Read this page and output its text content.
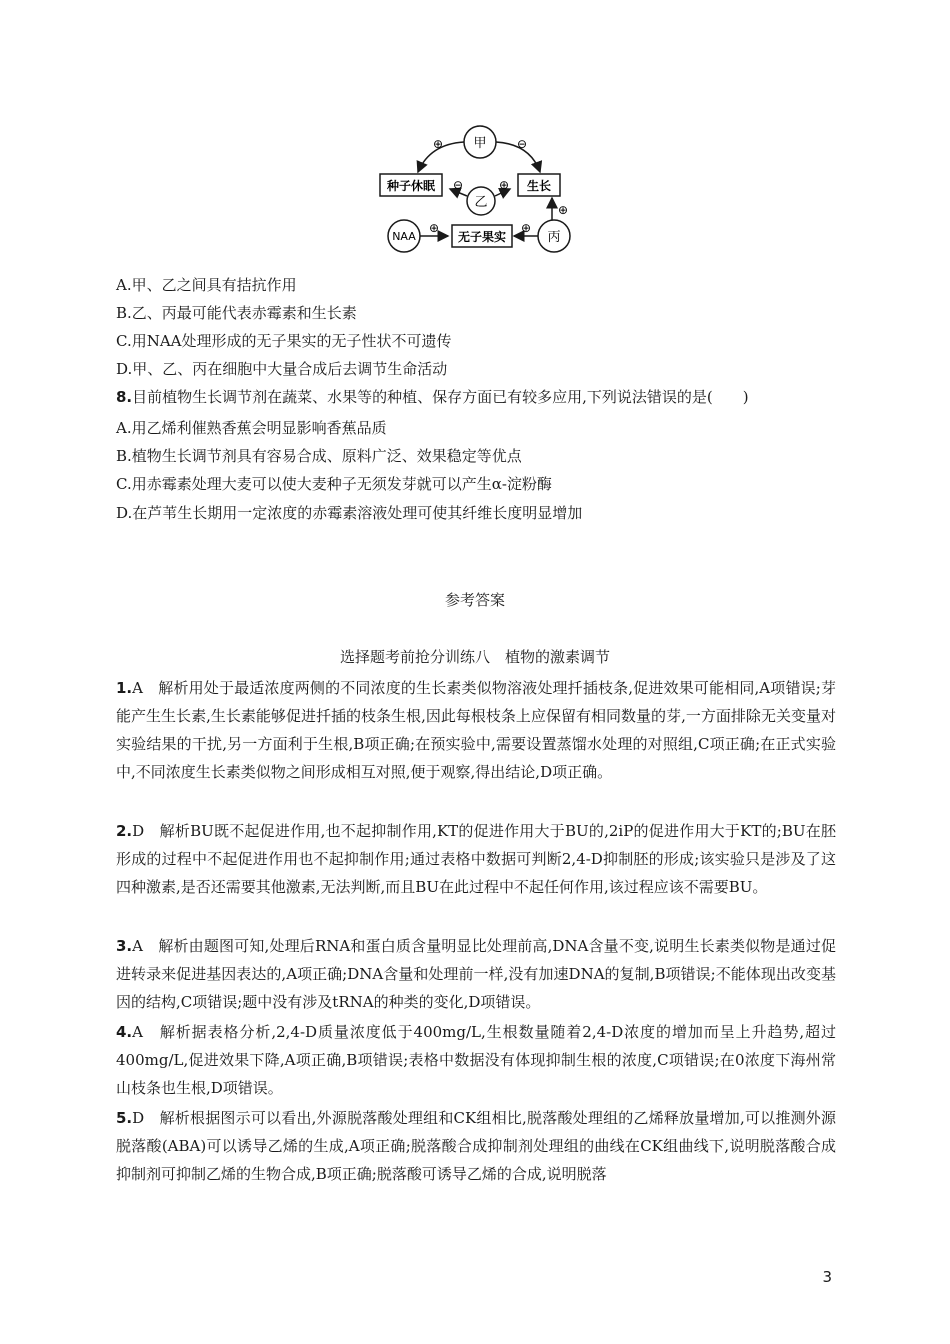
甲
种子休眠
乙
生长
NAA	无子果实	丙
⊕	⊖
⊖	⊕
⊕	⊕
⊕
A.甲、乙之间具有拮抗作用
B.乙、丙最可能代表赤霉素和生长素
C.用NAA处理形成的无子果实的无子性状不可遗传
D.甲、乙、丙在细胞中大量合成后去调节生命活动
8.目前植物生长调节剂在蔬菜、水果等的种植、保存方面已有较多应用,下列说法错误的是(　　)
A.用乙烯利催熟香蕉会明显影响香蕉品质
B.植物生长调节剂具有容易合成、原料广泛、效果稳定等优点
C.用赤霉素处理大麦可以使大麦种子无须发芽就可以产生α-淀粉酶
D.在芦苇生长期用一定浓度的赤霉素溶液处理可使其纤维长度明显增加
参考答案
选择题考前抢分训练八　植物的激素调节
1.A　解析用处于最适浓度两侧的不同浓度的生长素类似物溶液处理扦插枝条,促进效果可能相同,A项错误;芽能产生生长素,生长素能够促进扦插的枝条生根,因此每根枝条上应保留有相同数量的芽,一方面排除无关变量对实验结果的干扰,另一方面利于生根,B项正确;在预实验中,需要设置蒸馏水处理的对照组,C项正确;在正式实验中,不同浓度生长素类似物之间形成相互对照,便于观察,得出结论,D项正确。
2.D　解析BU既不起促进作用,也不起抑制作用,KT的促进作用大于BU的,2iP的促进作用大于KT的;BU在胚形成的过程中不起促进作用也不起抑制作用;通过表格中数据可判断2,4-D抑制胚的形成;该实验只是涉及了这四种激素,是否还需要其他激素,无法判断,而且BU在此过程中不起任何作用,该过程应该不需要BU。
3.A　解析由题图可知,处理后RNA和蛋白质含量明显比处理前高,DNA含量不变,说明生长素类似物是通过促进转录来促进基因表达的,A项正确;DNA含量和处理前一样,没有加速DNA的复制,B项错误;不能体现出改变基因的结构,C项错误;题中没有涉及tRNA的种类的变化,D项错误。
4.A　解析据表格分析,2,4-D质量浓度低于400mg/L,生根数量随着2,4-D浓度的增加而呈上升趋势,超过400mg/L,促进效果下降,A项正确,B项错误;表格中数据没有体现抑制生根的浓度,C项错误;在0浓度下海州常山枝条也生根,D项错误。
5.D　解析根据图示可以看出,外源脱落酸处理组和CK组相比,脱落酸处理组的乙烯释放量增加,可以推测外源脱落酸(ABA)可以诱导乙烯的生成,A项正确;脱落酸合成抑制剂处理组的曲线在CK组曲线下,说明脱落酸合成抑制剂可抑制乙烯的生物合成,B项正确;脱落酸可诱导乙烯的合成,说明脱落
3
